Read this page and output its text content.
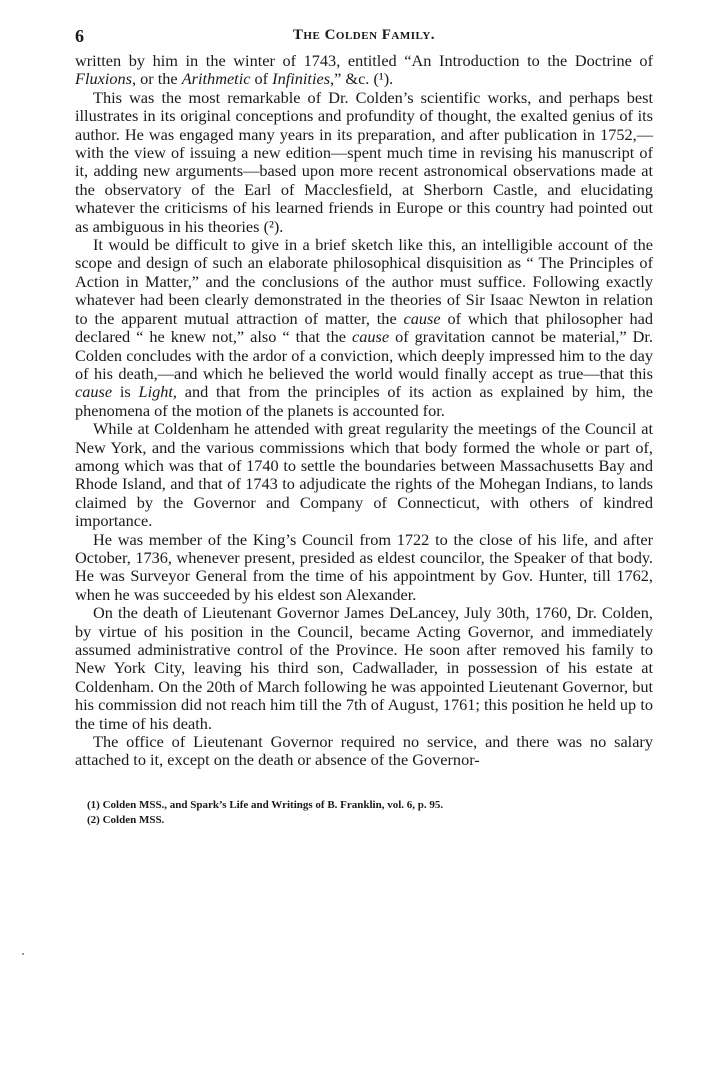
6	The Colden Family.

written by him in the winter of 1743, entitled “An Introduction to the Doctrine of Fluxions, or the Arithmetic of Infinities,” &c. (¹).

This was the most remarkable of Dr. Colden’s scientific works, and perhaps best illustrates in its original conceptions and profundity of thought, the exalted genius of its author. He was engaged many years in its preparation, and after publication in 1752,—with the view of issuing a new edition—spent much time in revising his manuscript of it, adding new arguments—based upon more recent astronomical observations made at the observatory of the Earl of Macclesfield, at Sherborn Castle, and elucidating whatever the criticisms of his learned friends in Europe or this country had pointed out as ambiguous in his theories (²).

It would be difficult to give in a brief sketch like this, an intelligible account of the scope and design of such an elaborate philosophical disquisition as “ The Principles of Action in Matter,” and the conclusions of the author must suffice. Following exactly whatever had been clearly demonstrated in the theories of Sir Isaac Newton in relation to the apparent mutual attraction of matter, the cause of which that philosopher had declared “ he knew not,” also “ that the cause of gravitation cannot be material,” Dr. Colden concludes with the ardor of a conviction, which deeply impressed him to the day of his death,—and which he believed the world would finally accept as true—that this cause is Light, and that from the principles of its action as explained by him, the phenomena of the motion of the planets is accounted for.

While at Coldenham he attended with great regularity the meetings of the Council at New York, and the various commissions which that body formed the whole or part of, among which was that of 1740 to settle the boundaries between Massachusetts Bay and Rhode Island, and that of 1743 to adjudicate the rights of the Mohegan Indians, to lands claimed by the Governor and Company of Connecticut, with others of kindred importance.

He was member of the King’s Council from 1722 to the close of his life, and after October, 1736, whenever present, presided as eldest councilor, the Speaker of that body. He was Surveyor General from the time of his appointment by Gov. Hunter, till 1762, when he was succeeded by his eldest son Alexander.

On the death of Lieutenant Governor James DeLancey, July 30th, 1760, Dr. Colden, by virtue of his position in the Council, became Acting Governor, and immediately assumed administrative control of the Province. He soon after removed his family to New York City, leaving his third son, Cadwallader, in possession of his estate at Coldenham. On the 20th of March following he was appointed Lieutenant Governor, but his commission did not reach him till the 7th of August, 1761; this position he held up to the time of his death.

The office of Lieutenant Governor required no service, and there was no salary attached to it, except on the death or absence of the Governor-

(1) Colden MSS., and Spark’s Life and Writings of B. Franklin, vol. 6, p. 95.
(2) Colden MSS.
